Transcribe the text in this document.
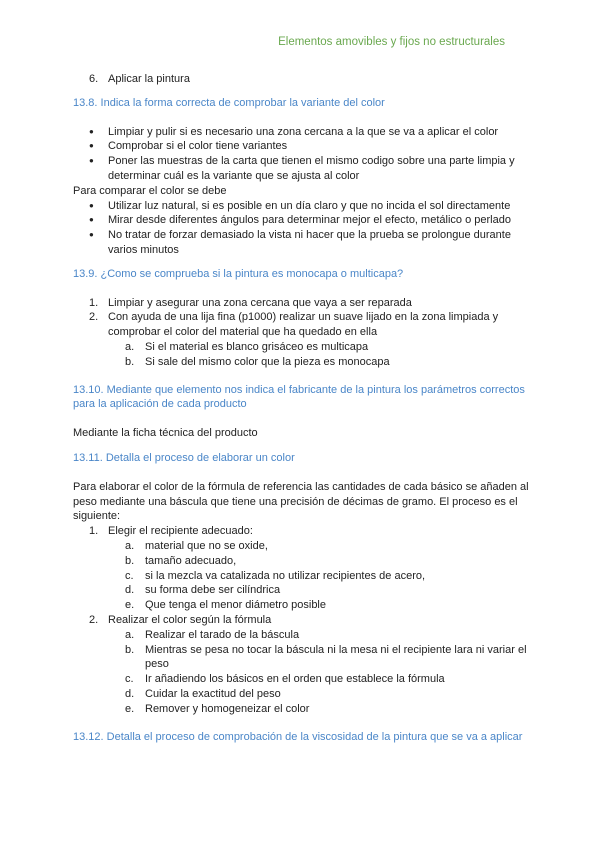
Elementos amovibles y fijos no estructurales
6. Aplicar la pintura

13.8. Indica la forma correcta de comprobar la variante del color

● Limpiar y pulir si es necesario una zona cercana a la que se va a aplicar el color
● Comprobar si el color tiene variantes
● Poner las muestras de la carta que tienen el mismo codigo sobre una parte limpia y determinar cuál es la variante que se ajusta al color

Para comparar el color se debe

● Utilizar luz natural, si es posible en un día claro y que no incida el sol directamente
● Mirar desde diferentes ángulos para determinar mejor el efecto, metálico o perlado
● No tratar de forzar demasiado la vista ni hacer que la prueba se prolongue durante varios minutos

13.9. ¿Como se comprueba si la pintura es monocapa o multicapa?

1. Limpiar y asegurar una zona cercana que vaya a ser reparada
2. Con ayuda de una lija fina (p1000) realizar un suave lijado en la zona limpiada y comprobar el color del material que ha quedado en ella
a. Si el material es blanco grisáceo es multicapa
b. Si sale del mismo color que la pieza es monocapa

13.10. Mediante que elemento nos indica el fabricante de la pintura los parámetros correctos para la aplicación de cada producto

Mediante la ficha técnica del producto

13.11. Detalla el proceso de elaborar un color

Para elaborar el color de la fórmula de referencia las cantidades de cada básico se añaden al peso mediante una báscula que tiene una precisión de décimas de gramo. El proceso es el siguiente:

1. Elegir el recipiente adecuado:
a. material que no se oxide,
b. tamaño adecuado,
c. si la mezcla va catalizada no utilizar recipientes de acero,
d. su forma debe ser cilíndrica
e. Que tenga el menor diámetro posible
2. Realizar el color según la fórmula
a. Realizar el tarado de la báscula
b. Mientras se pesa no tocar la báscula ni la mesa ni el recipiente lara ni variar el peso
c. Ir añadiendo los básicos en el orden que establece la fórmula
d. Cuidar la exactitud del peso
e. Remover y homogeneizar el color

13.12. Detalla el proceso de comprobación de la viscosidad de la pintura que se va a aplicar
